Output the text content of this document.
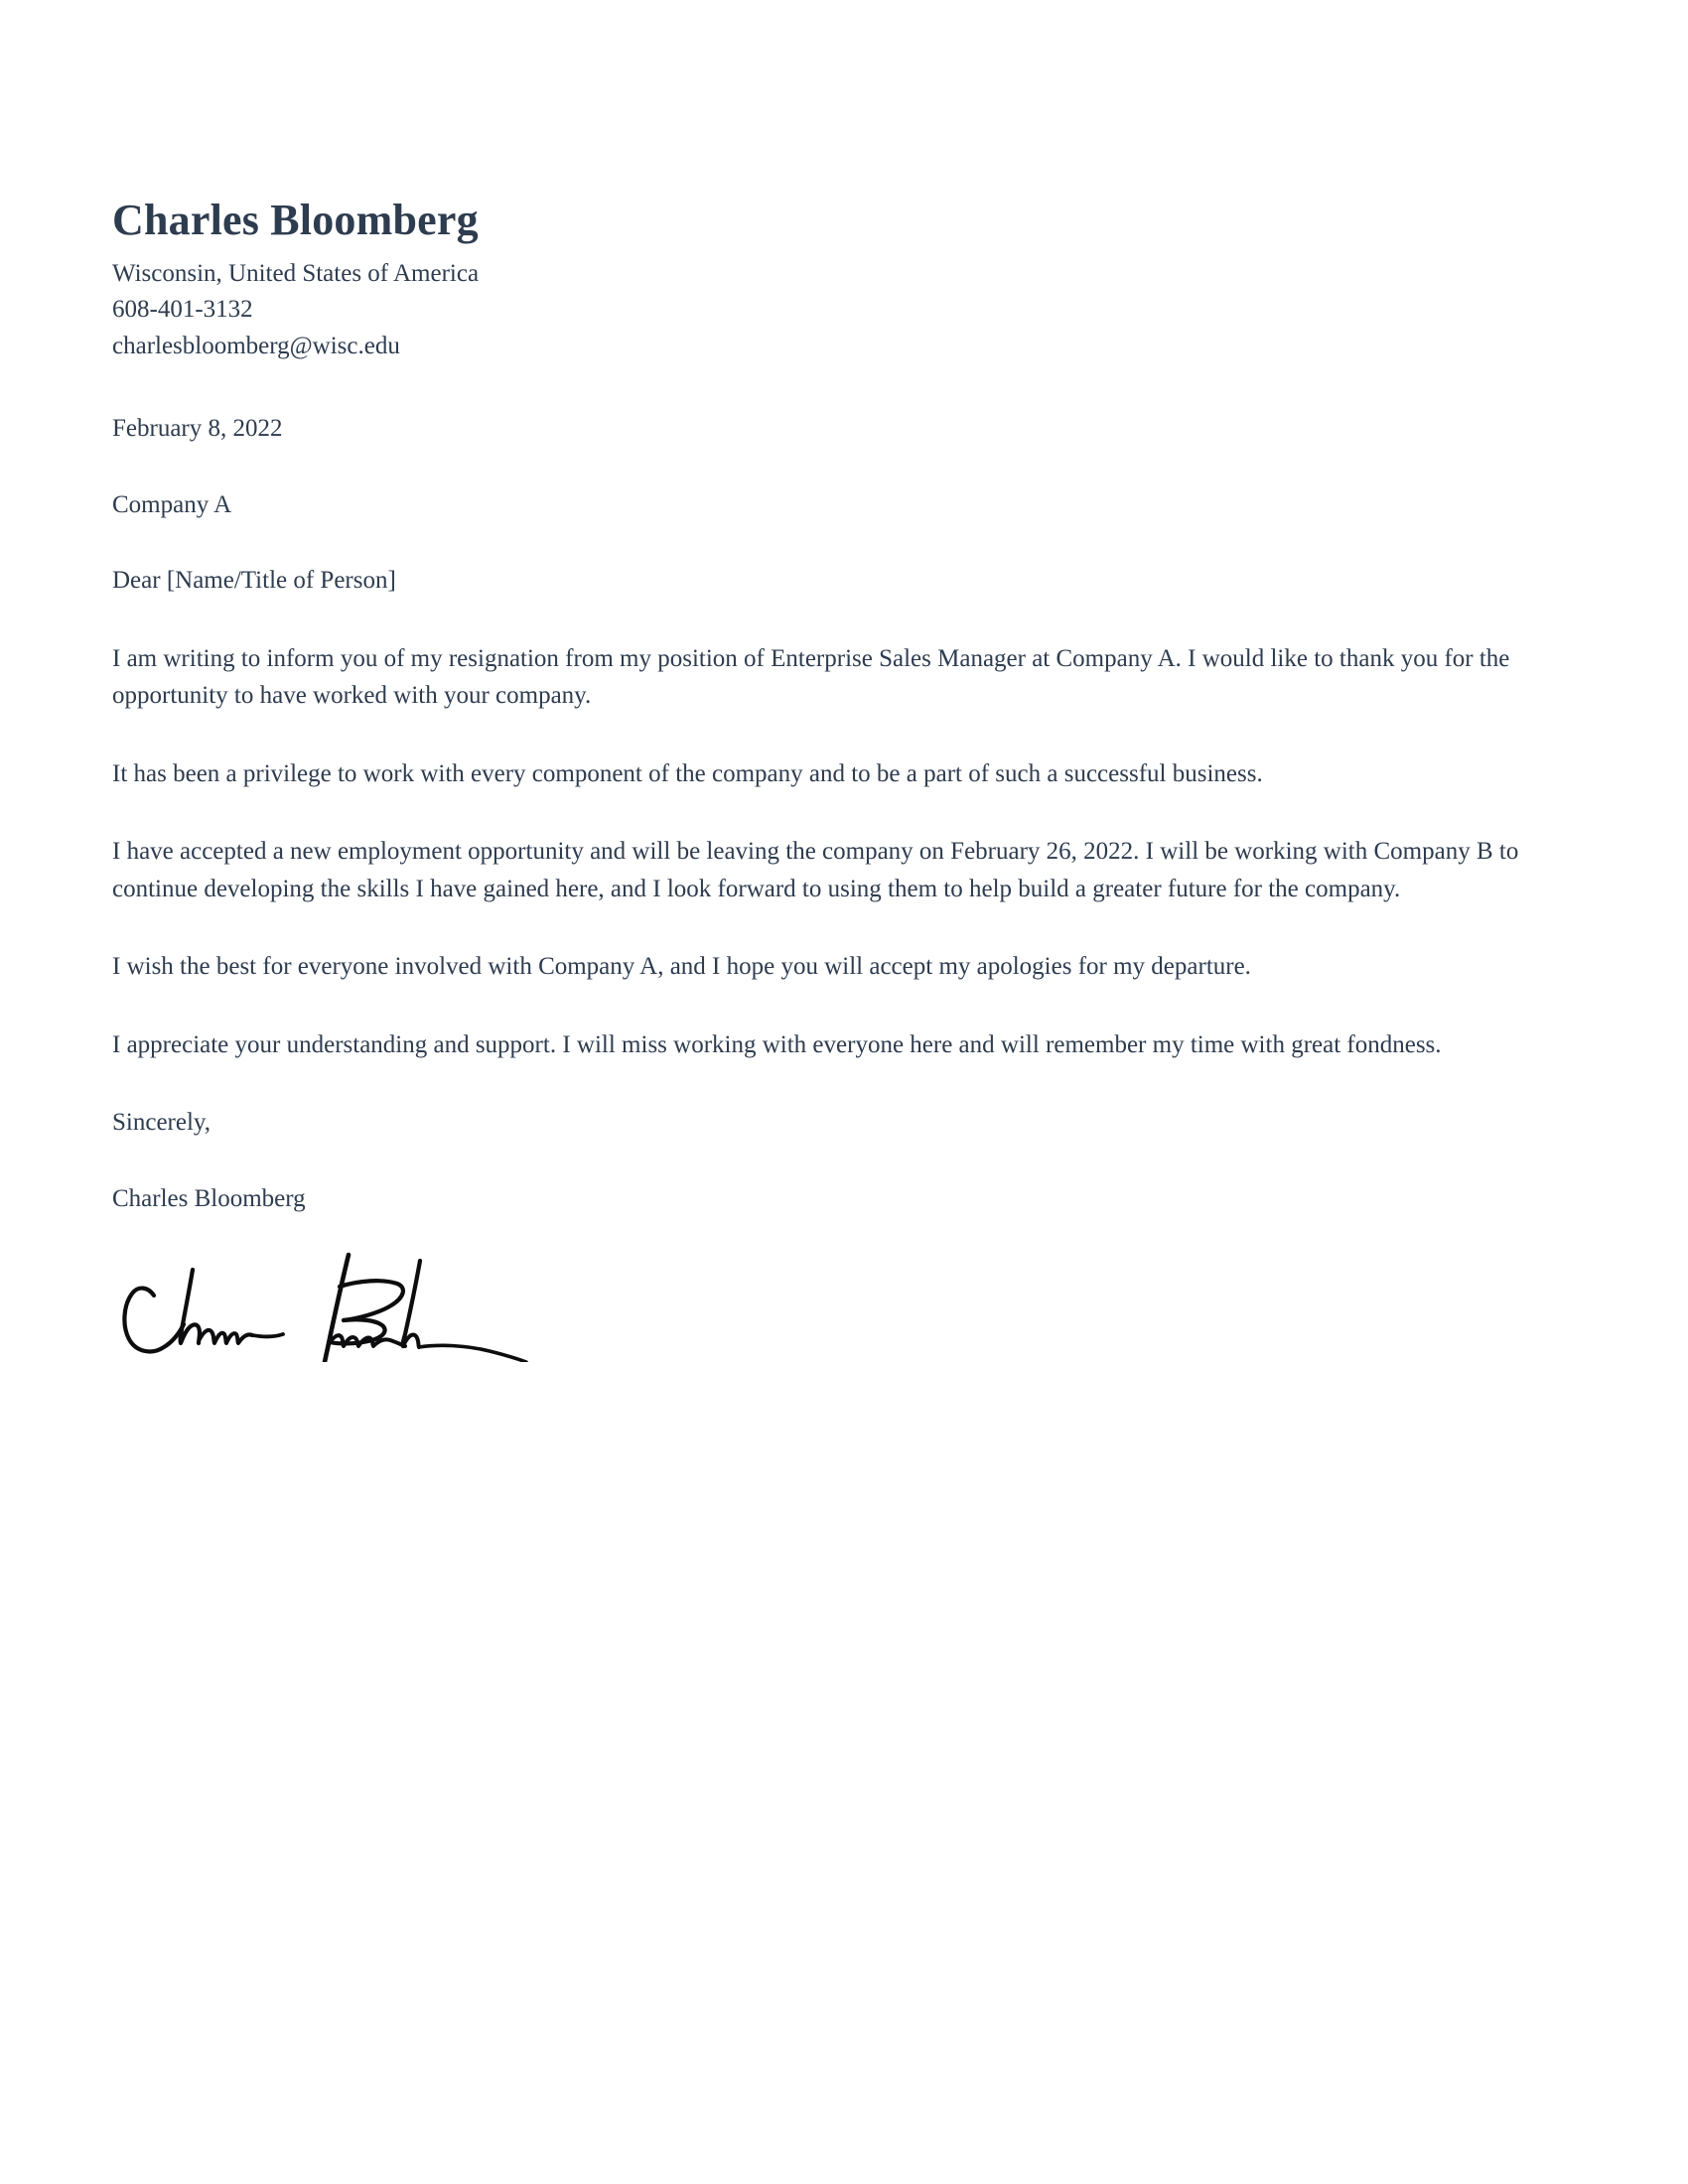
Charles Bloomberg

Wisconsin, United States of America

608-401-3132

charlesbloomberg@wisc.edu

February 8, 2022

Company A

Dear [Name/Title of Person]

I am writing to inform you of my resignation from my position of Enterprise Sales Manager at Company A. I would like to thank you for the opportunity to have worked with your company.

It has been a privilege to work with every component of the company and to be a part of such a successful business.

I have accepted a new employment opportunity and will be leaving the company on February 26, 2022. I will be working with Company B to continue developing the skills I have gained here, and I look forward to using them to help build a greater future for the company.

I wish the best for everyone involved with Company A, and I hope you will accept my apologies for my departure.

I appreciate your understanding and support. I will miss working with everyone here and will remember my time with great fondness.

Sincerely,

Charles Bloomberg
